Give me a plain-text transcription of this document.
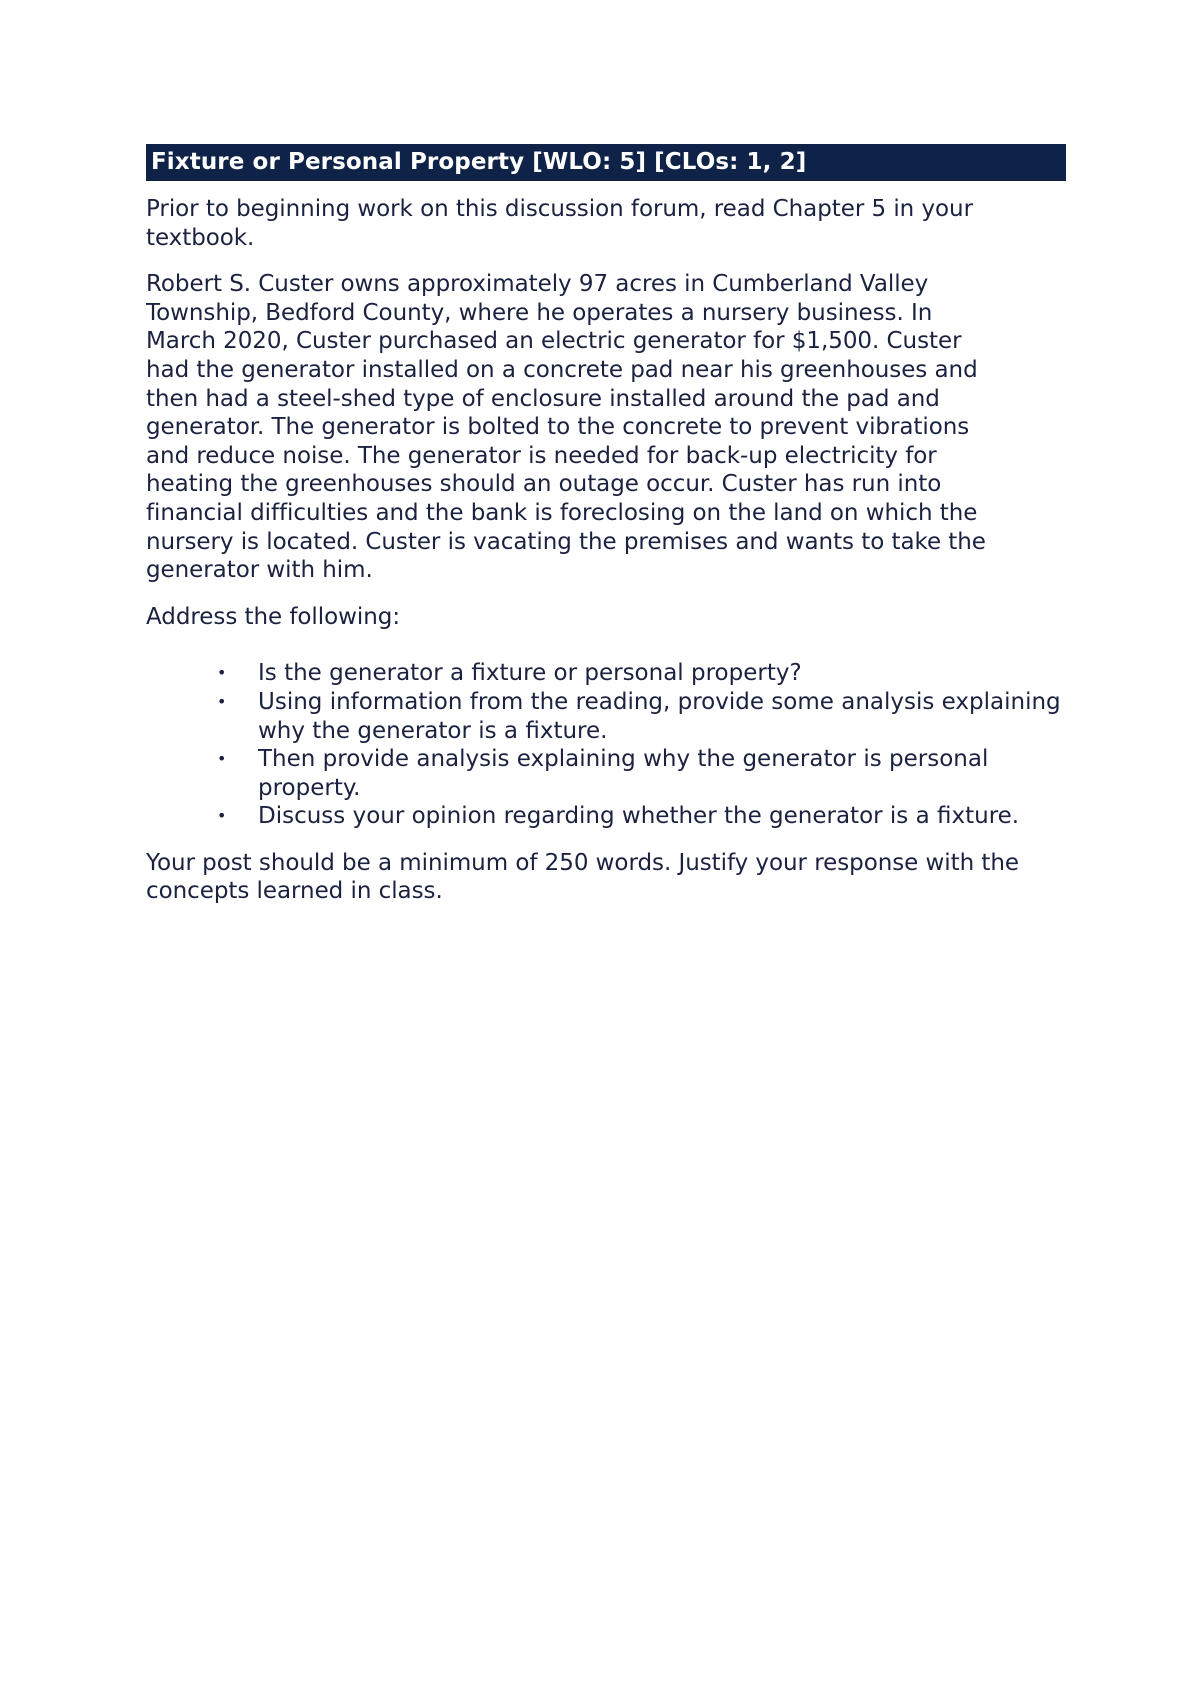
Fixture or Personal Property [WLO: 5] [CLOs: 1, 2]

Prior to beginning work on this discussion forum, read Chapter 5 in your textbook.

Robert S. Custer owns approximately 97 acres in Cumberland Valley
Township, Bedford County, where he operates a nursery business. In
March 2020, Custer purchased an electric generator for $1,500. Custer
had the generator installed on a concrete pad near his greenhouses and
then had a steel-shed type of enclosure installed around the pad and
generator. The generator is bolted to the concrete to prevent vibrations
and reduce noise. The generator is needed for back-up electricity for
heating the greenhouses should an outage occur. Custer has run into
financial difficulties and the bank is foreclosing on the land on which the
nursery is located. Custer is vacating the premises and wants to take the
generator with him.

Address the following:

• Is the generator a fixture or personal property?
• Using information from the reading, provide some analysis explaining why the generator is a fixture.
• Then provide analysis explaining why the generator is personal property.
• Discuss your opinion regarding whether the generator is a fixture.

Your post should be a minimum of 250 words. Justify your response with the concepts learned in class.
